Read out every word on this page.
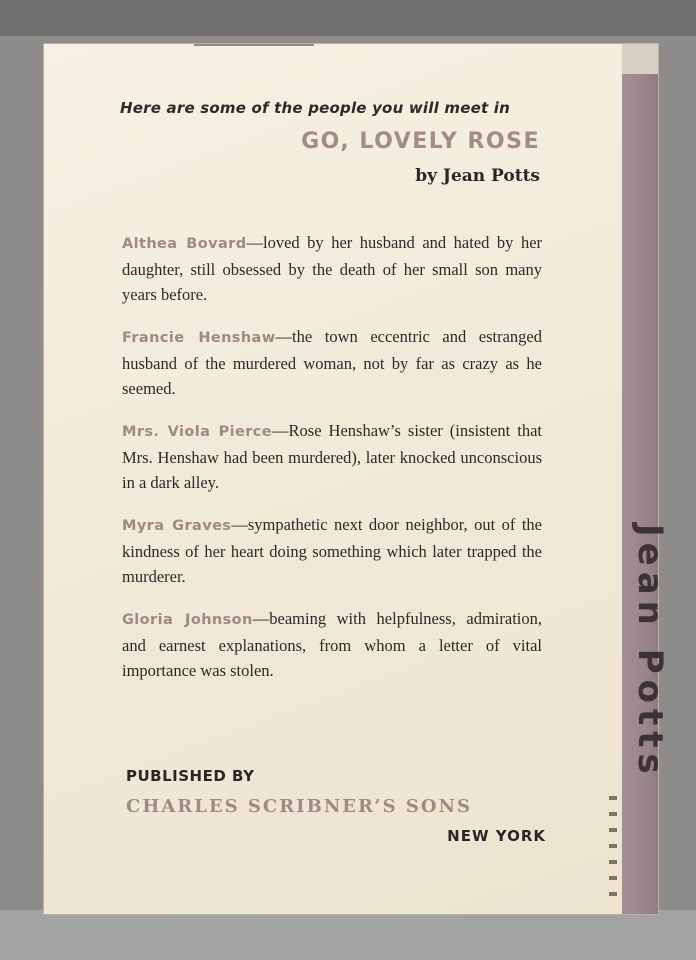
Here are some of the people you will meet in
GO, LOVELY ROSE
by Jean Potts
Althea Bovard—loved by her husband and hated by her daughter, still obsessed by the death of her small son many years before.
Francie Henshaw—the town eccentric and estranged husband of the murdered woman, not by far as crazy as he seemed.
Mrs. Viola Pierce—Rose Henshaw’s sister (insistent that Mrs. Henshaw had been murdered), later knocked unconscious in a dark alley.
Myra Graves—sympathetic next door neighbor, out of the kindness of her heart doing something which later trapped the murderer.
Gloria Johnson—beaming with helpfulness, admiration, and earnest explanations, from whom a letter of vital importance was stolen.
PUBLISHED BY
CHARLES SCRIBNER’S SONS
NEW YORK
Jean Potts
